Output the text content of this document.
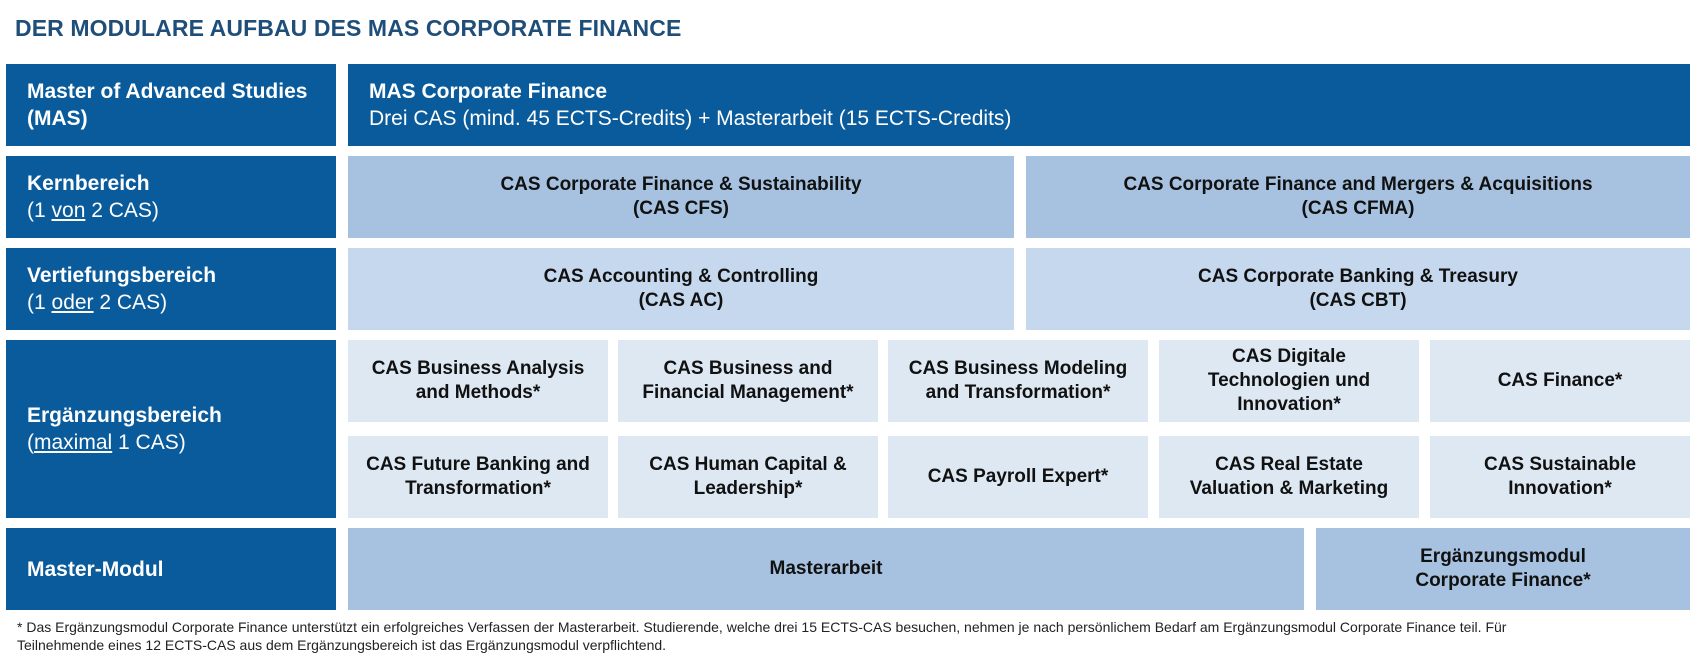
DER MODULARE AUFBAU DES MAS CORPORATE FINANCE
Master of Advanced Studies
(MAS)
MAS Corporate Finance
Drei CAS (mind. 45 ECTS-Credits) + Masterarbeit (15 ECTS-Credits)
Kernbereich
(1 von 2 CAS)
CAS Corporate Finance & Sustainability
(CAS CFS)
CAS Corporate Finance and Mergers & Acquisitions
(CAS CFMA)
Vertiefungsbereich
(1 oder 2 CAS)
CAS Accounting & Controlling
(CAS AC)
CAS Corporate Banking & Treasury
(CAS CBT)
Ergänzungsbereich
(maximal 1 CAS)
CAS Business Analysis
and Methods*
CAS Business and
Financial Management*
CAS Business Modeling
and Transformation*
CAS Digitale
Technologien und
Innovation*
CAS Finance*
CAS Future Banking and
Transformation*
CAS Human Capital &
Leadership*
CAS Payroll Expert*
CAS Real Estate
Valuation & Marketing
CAS Sustainable
Innovation*
Master-Modul	Masterarbeit
Ergänzungsmodul
Corporate Finance*
* Das Ergänzungsmodul Corporate Finance unterstützt ein erfolgreiches Verfassen der Masterarbeit. Studierende, welche drei 15 ECTS-CAS besuchen, nehmen je nach persönlichem Bedarf am Ergänzungsmodul Corporate Finance teil. Für
Teilnehmende eines 12 ECTS-CAS aus dem Ergänzungsbereich ist das Ergänzungsmodul verpflichtend.
